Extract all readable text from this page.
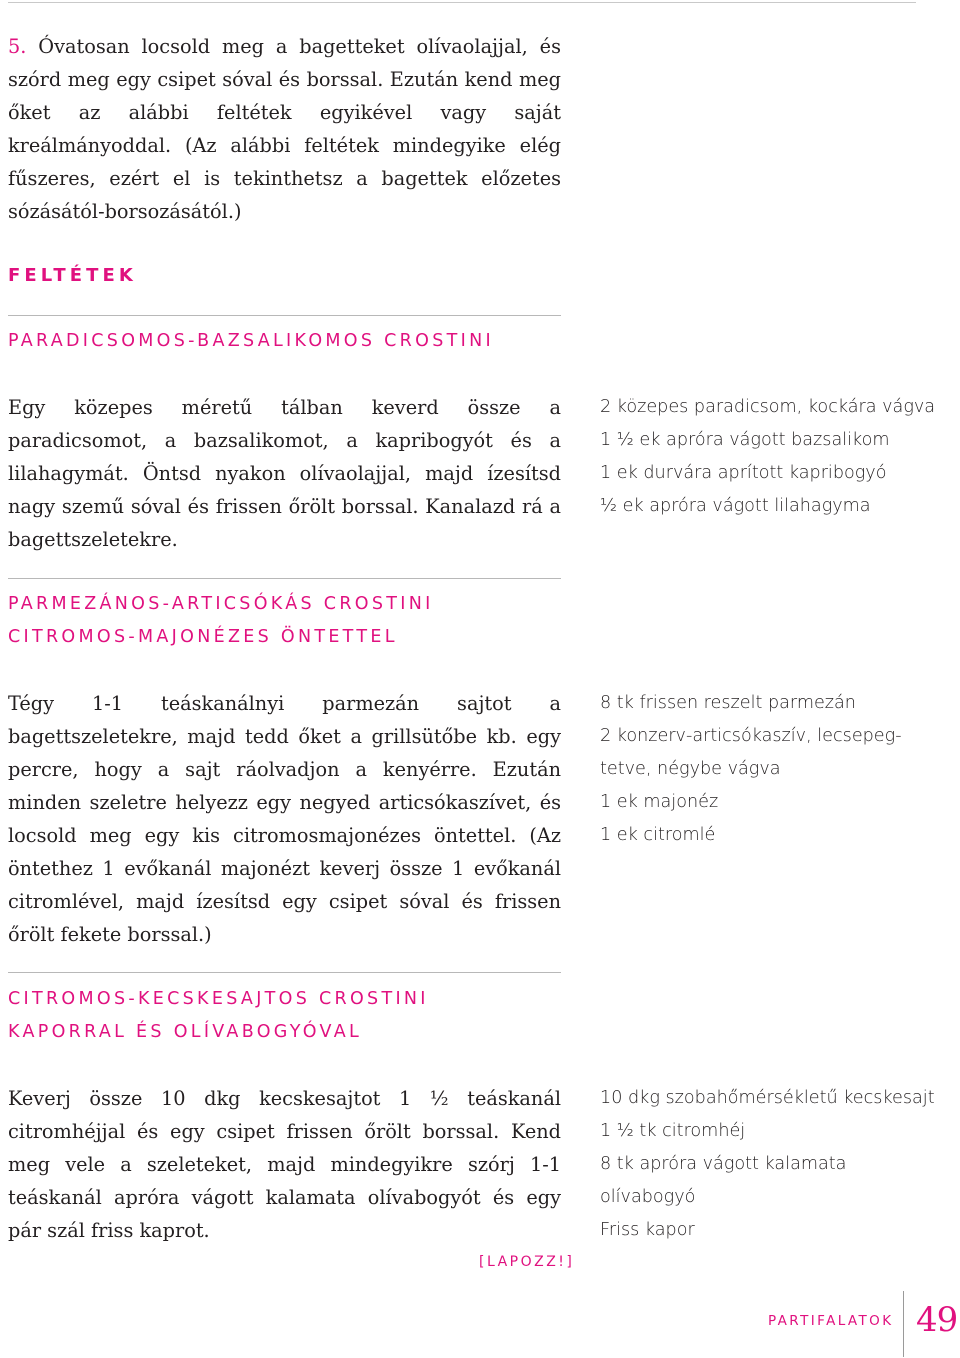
5. Óvatosan locsold meg a bagetteket olívaolajjal, és szórd meg egy csipet sóval és borssal. Ezután kend meg őket az alábbi feltétek egyikével vagy saját kreálmányoddal. (Az alábbi feltétek mindegyike elég fűszeres, ezért el is tekinthetsz a bagettek előzetes sózásától-borsozásától.)

FELTÉTEK
PARADICSOMOS-BAZSALIKOMOS CROSTINI

Egy közepes méretű tálban keverd össze a paradicsomot, a bazsalikomot, a kapribogyót és a lilahagymát. Öntsd nyakon olívaolajjal, majd ízesítsd nagy szemű sóval és frissen őrölt borssal. Kanalazd rá a bagettszeletekre.

2 közepes paradicsom, kockára vágva
1 ½ ek apróra vágott bazsalikom
1 ek durvára aprított kapribogyó
½ ek apróra vágott lilahagyma
PARMEZÁNOS-ARTICSÓKÁS CROSTINI
CITROMOS-MAJONÉZES ÖNTETTEL

Tégy 1-1 teáskanálnyi parmezán sajtot a bagettszeletekre, majd tedd őket a grillsütőbe kb. egy percre, hogy a sajt ráolvadjon a kenyérre. Ezután minden szeletre helyezz egy negyed articsókaszívet, és locsold meg egy kis citromosmajonézes öntettel. (Az öntethez 1 evőkanál majonézt keverj össze 1 evőkanál citromlével, majd ízesítsd egy csipet sóval és frissen őrölt fekete borssal.)

8 tk frissen reszelt parmezán
2 konzerv-articsókaszív, lecsepeg-
tetve, négybe vágva
1 ek majonéz
1 ek citromlé
CITROMOS-KECSKESAJTOS CROSTINI
KAPORRAL ÉS OLÍVABOGYÓVAL

Keverj össze 10 dkg kecskesajtot 1 ½ teáskanál citromhéjjal és egy csipet frissen őrölt borssal. Kend meg vele a szeleteket, majd mindegyikre szórj 1-1 teáskanál apróra vágott kalamata olívabogyót és egy pár szál friss kaprot.

10 dkg szobahőmérsékletű kecskesajt
1 ½ tk citromhéj
8 tk apróra vágott kalamata olívabogyó
Friss kapor

[LAPOZZ!]

PARTIFALATOK 49
